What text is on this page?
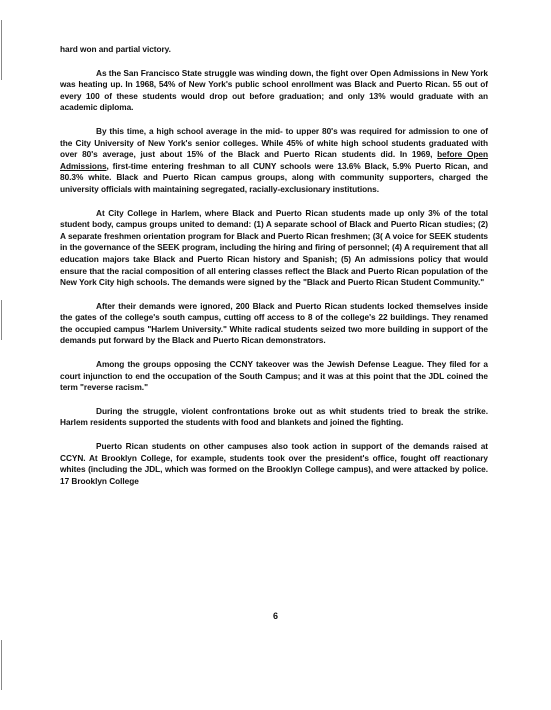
hard won and partial victory.

As the San Francisco State struggle was winding down, the fight over Open Admissions in New York was heating up. In 1968, 54% of New York's public school enrollment was Black and Puerto Rican. 55 out of every 100 of these students would drop out before graduation; and only 13% would graduate with an academic diploma.

By this time, a high school average in the mid- to upper 80's was required for admission to one of the City University of New York's senior colleges. While 45% of white high school students graduated with over 80's average, just about 15% of the Black and Puerto Rican students did. In 1969, before Open Admissions, first-time entering freshman to all CUNY schools were 13.6% Black, 5.9% Puerto Rican, and 80.3% white. Black and Puerto Rican campus groups, along with community supporters, charged the university officials with maintaining segregated, racially-exclusionary institutions.

At City College in Harlem, where Black and Puerto Rican students made up only 3% of the total student body, campus groups united to demand: (1) A separate school of Black and Puerto Rican studies; (2) A separate freshmen orientation program for Black and Puerto Rican freshmen; (3( A voice for SEEK students in the governance of the SEEK program, including the hiring and firing of personnel; (4) A requirement that all education majors take Black and Puerto Rican history and Spanish; (5) An admissions policy that would ensure that the racial composition of all entering classes reflect the Black and Puerto Rican population of the New York City high schools. The demands were signed by the "Black and Puerto Rican Student Community."

After their demands were ignored, 200 Black and Puerto Rican students locked themselves inside the gates of the college's south campus, cutting off access to 8 of the college's 22 buildings. They renamed the occupied campus "Harlem University." White radical students seized two more building in support of the demands put forward by the Black and Puerto Rican demonstrators.

Among the groups opposing the CCNY takeover was the Jewish Defense League. They filed for a court injunction to end the occupation of the South Campus; and it was at this point that the JDL coined the term "reverse racism."

During the struggle, violent confrontations broke out as whit students tried to break the strike. Harlem residents supported the students with food and blankets and joined the fighting.

Puerto Rican students on other campuses also took action in support of the demands raised at CCYN. At Brooklyn College, for example, students took over the president's office, fought off reactionary whites (including the JDL, which was formed on the Brooklyn College campus), and were attacked by police. 17 Brooklyn College

6
